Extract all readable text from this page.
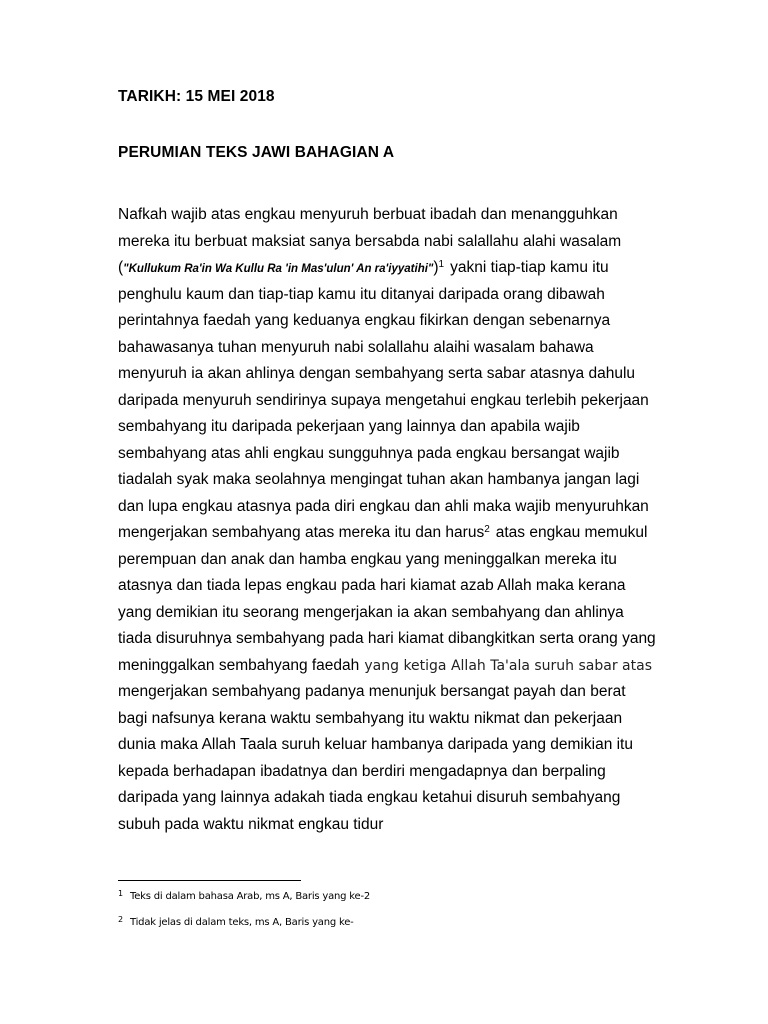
TARIKH: 15 MEI 2018
PERUMIAN TEKS JAWI BAHAGIAN A
Nafkah wajib atas engkau menyuruh berbuat ibadah dan menangguhkan
mereka itu berbuat maksiat sanya bersabda nabi salallahu alahi wasalam
("Kullukum Ra'in Wa Kullu Ra 'in Mas'ulun' An ra'iyyatihi")$^1$ yakni tiap-tiap kamu itu
penghulu kaum dan tiap-tiap kamu itu ditanyai daripada orang dibawah
perintahnya faedah yang keduanya engkau fikirkan dengan sebenarnya
bahawasanya tuhan menyuruh nabi solallahu alaihi wasalam bahawa
menyuruh ia akan ahlinya dengan sembahyang serta sabar atasnya dahulu
daripada menyuruh sendirinya supaya mengetahui engkau terlebih pekerjaan
sembahyang itu daripada pekerjaan yang lainnya dan apabila wajib
sembahyang atas ahli engkau sungguhnya pada engkau bersangat wajib
tiadalah syak maka seolahnya mengingat tuhan akan hambanya jangan lagi
dan lupa engkau atasnya pada diri engkau dan ahli maka wajib menyuruhkan
mengerjakan sembahyang atas mereka itu dan harus$^2$ atas engkau memukul
perempuan dan anak dan hamba engkau yang meninggalkan mereka itu
atasnya dan tiada lepas engkau pada hari kiamat azab Allah maka kerana
yang demikian itu seorang mengerjakan ia akan sembahyang dan ahlinya
tiada disuruhnya sembahyang pada hari kiamat dibangkitkan serta orang yang
meninggalkan sembahyang faedah yang ketiga Allah Ta'ala suruh sabar atas
mengerjakan sembahyang padanya menunjuk bersangat payah dan berat
bagi nafsunya kerana waktu sembahyang itu waktu nikmat dan pekerjaan
dunia maka Allah Taala suruh keluar hambanya daripada yang demikian itu
kepada berhadapan ibadatnya dan berdiri mengadapnya dan berpaling
daripada yang lainnya adakah tiada engkau ketahui disuruh sembahyang
subuh pada waktu nikmat engkau tidur
1 Teks di dalam bahasa Arab, ms A, Baris yang ke-2
2 Tidak jelas di dalam teks, ms A, Baris yang ke-
